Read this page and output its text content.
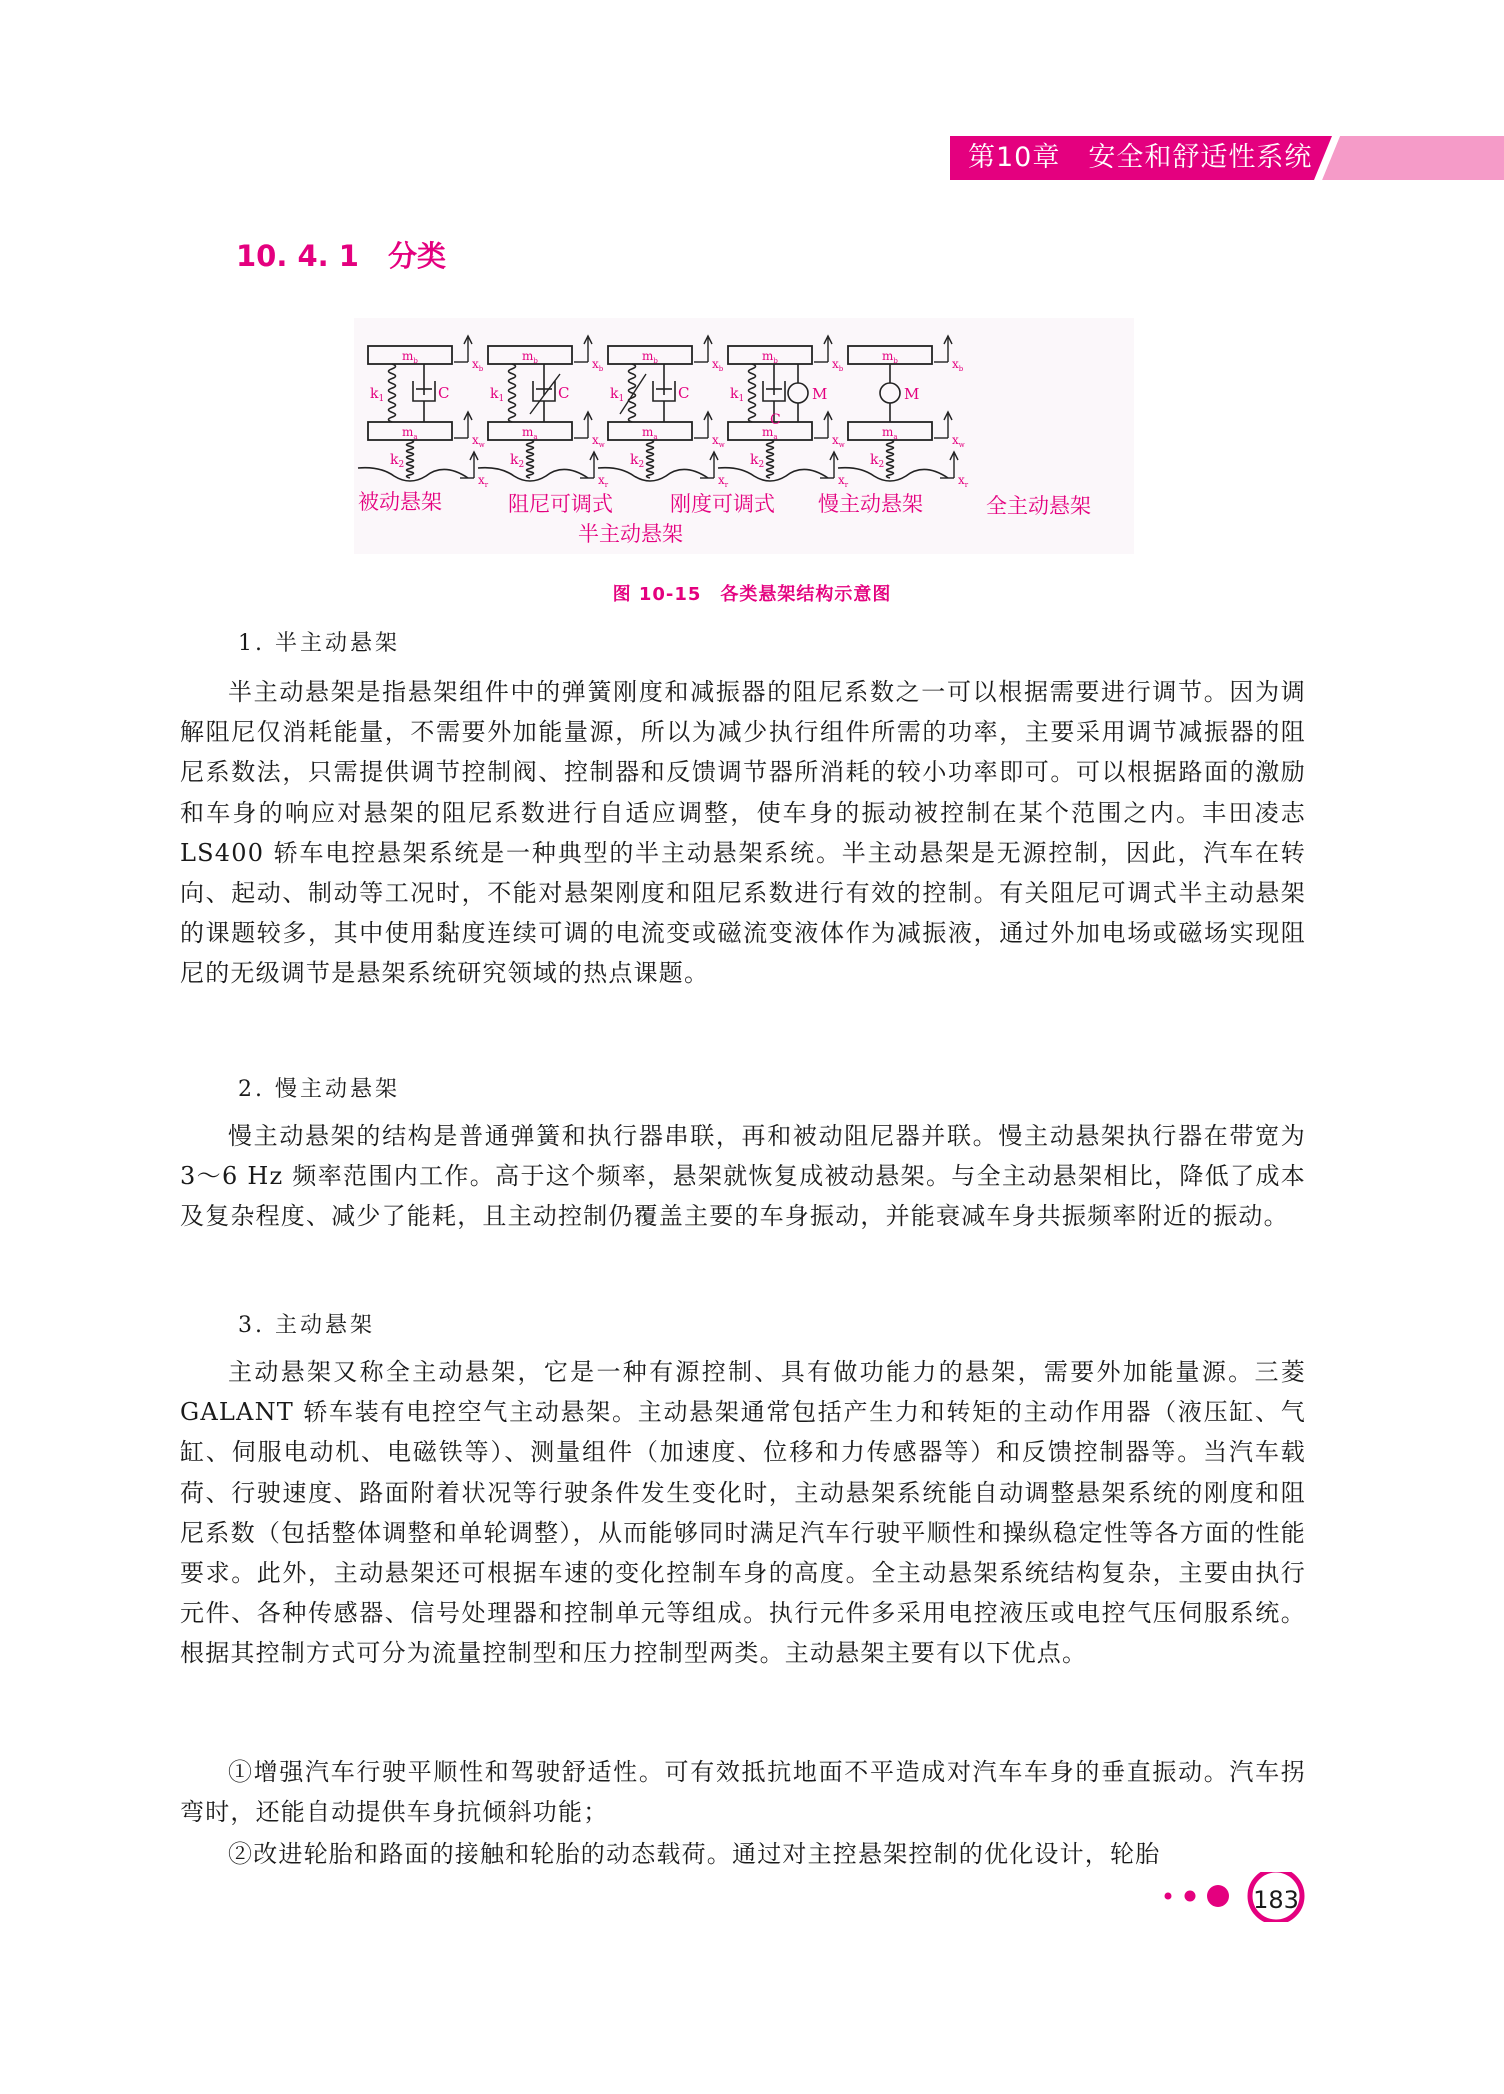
第10章　安全和舒适性系统
10. 4. 1　分类
$m_b$	$x_b$
$m_a$	$x_w$
$k_1$	C
$k_2$
$x_r$
$m_b$	$x_b$
$m_a$	$x_w$
$k_1$	C
$k_2$
$x_r$
$m_b$	$x_b$
$m_a$	$x_w$
$k_1$	C
$k_2$
$x_r$
$m_b$	$x_b$
$m_a$	$x_w$
$k_1$
C
M
$k_2$
$x_r$
$m_b$	$x_b$
$m_a$	$x_w$
M
$k_2$
$x_r$
被动悬架	阻尼可调式	刚度可调式 慢主动悬架	全主动悬架
半主动悬架
图 10-15　各类悬架结构示意图
1. 半主动悬架

半主动悬架是指悬架组件中的弹簧刚度和减振器的阻尼系数之一可以根据需要进行调节。因为调解阻尼仅消耗能量，不需要外加能量源，所以为减少执行组件所需的功率，主要采用调节减振器的阻尼系数法，只需提供调节控制阀、控制器和反馈调节器所消耗的较小功率即可。可以根据路面的激励和车身的响应对悬架的阻尼系数进行自适应调整，使车身的振动被控制在某个范围之内。丰田凌志 LS400 轿车电控悬架系统是一种典型的半主动悬架系统。半主动悬架是无源控制，因此，汽车在转向、起动、制动等工况时，不能对悬架刚度和阻尼系数进行有效的控制。有关阻尼可调式半主动悬架的课题较多，其中使用黏度连续可调的电流变或磁流变液体作为减振液，通过外加电场或磁场实现阻尼的无级调节是悬架系统研究领域的热点课题。

2. 慢主动悬架

慢主动悬架的结构是普通弹簧和执行器串联，再和被动阻尼器并联。慢主动悬架执行器在带宽为 3～6 Hz 频率范围内工作。高于这个频率，悬架就恢复成被动悬架。与全主动悬架相比，降低了成本及复杂程度、减少了能耗，且主动控制仍覆盖主要的车身振动，并能衰减车身共振频率附近的振动。

3. 主动悬架

主动悬架又称全主动悬架，它是一种有源控制、具有做功能力的悬架，需要外加能量源。三菱 GALANT 轿车装有电控空气主动悬架。主动悬架通常包括产生力和转矩的主动作用器（液压缸、气缸、伺服电动机、电磁铁等）、测量组件（加速度、位移和力传感器等）和反馈控制器等。当汽车载荷、行驶速度、路面附着状况等行驶条件发生变化时，主动悬架系统能自动调整悬架系统的刚度和阻尼系数（包括整体调整和单轮调整），从而能够同时满足汽车行驶平顺性和操纵稳定性等各方面的性能要求。此外，主动悬架还可根据车速的变化控制车身的高度。全主动悬架系统结构复杂，主要由执行元件、各种传感器、信号处理器和控制单元等组成。执行元件多采用电控液压或电控气压伺服系统。根据其控制方式可分为流量控制型和压力控制型两类。主动悬架主要有以下优点。

①增强汽车行驶平顺性和驾驶舒适性。可有效抵抗地面不平造成对汽车车身的垂直振动。汽车拐弯时，还能自动提供车身抗倾斜功能；

②改进轮胎和路面的接触和轮胎的动态载荷。通过对主控悬架控制的优化设计，轮胎

183
